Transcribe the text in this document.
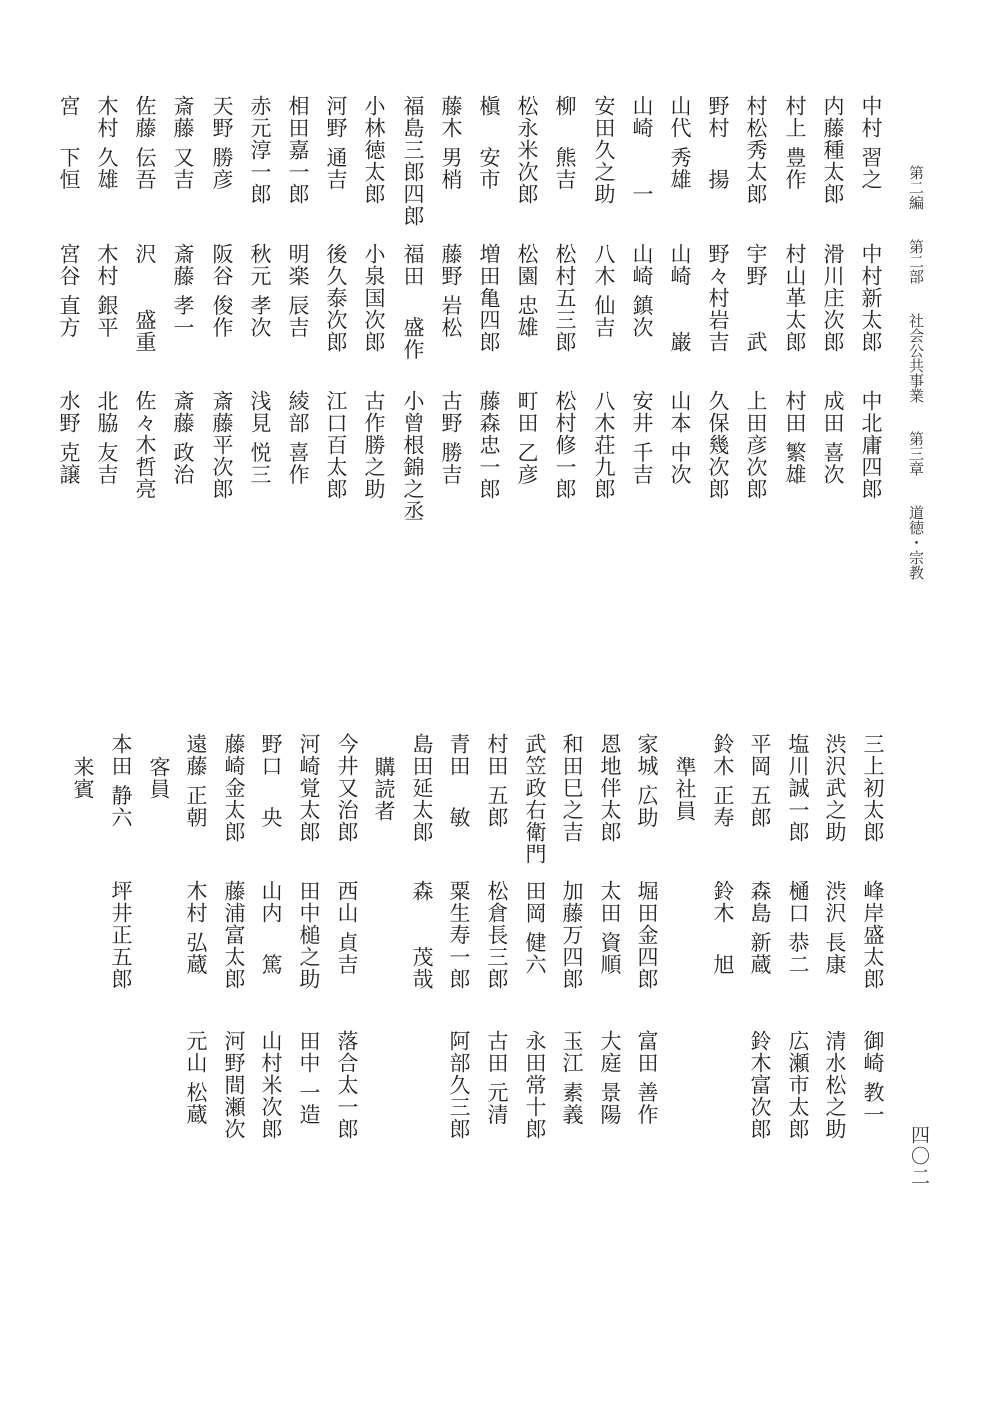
第二編 第二部 社会公共事業 第三章 道徳・宗教
四〇二
中村 習之
中村新太郎
中北庸四郎
内藤種太郎
滑川庄次郎
成田 喜次
村上 豊作
村山革太郎
村田 繁雄
村松秀太郎
宇野　　武
上田彦次郎
野村　 揚
野々村岩吉
久保幾次郎
山代 秀雄
山崎　　巌
山本 中次
山崎　　一
山崎 鎮次
安井 千吉
安田久之助
八木 仙吉
八木荘九郎
柳　 熊吉
松村五三郎
松村修一郎
松永米次郎
松園 忠雄
町田 乙彦
槇　 安市
増田亀四郎
藤森忠一郎
藤木 男梢
藤野 岩松
古野 勝吉
福島三郎四郎
福田　 盛作
小曾根錦之丞
小林徳太郎
小泉国次郎
古作勝之助
河野 通吉
後久泰次郎
江口百太郎
相田嘉一郎
明楽 辰吉
綾部 喜作
赤元淳一郎
秋元 孝次
浅見 悦三
天野 勝彦
阪谷 俊作
斎藤平次郎
斎藤 又吉
斎藤 孝一
斎藤 政治
佐藤 伝吾
沢　　盛重
佐々木哲亮
木村 久雄
木村 銀平
北脇 友吉
宮　 下恒
宮谷 直方
水野 克譲
三上初太郎
峰岸盛太郎
御崎 教一
渋沢武之助
渋沢 長康
清水松之助
塩川誠一郎
樋口 恭二
広瀬市太郎
平岡 五郎
森島 新蔵
鈴木富次郎
鈴木 正寿
鈴木　 旭
準社員
家城 広助
堀田金四郎
富田 善作
恩地伴太郎
太田 資順
大庭 景陽
和田巳之吉
加藤万四郎
玉江 素義
武笠政右衛門
田岡 健六
永田常十郎
村田 五郎
松倉長三郎
古田 元清
青田　 敏
粟生寿一郎
阿部久三郎
島田延太郎
森　　茂哉
購読者
今井又治郎
西山 貞吉
落合太一郎
河崎覚太郎
田中槌之助
田中 一造
野口　 央
山内　 篤
山村米次郎
藤崎金太郎
藤浦富太郎
河野間瀬次
遠藤 正朝
木村 弘蔵
元山 松蔵
客員
本田 静六
坪井正五郎
来賓
